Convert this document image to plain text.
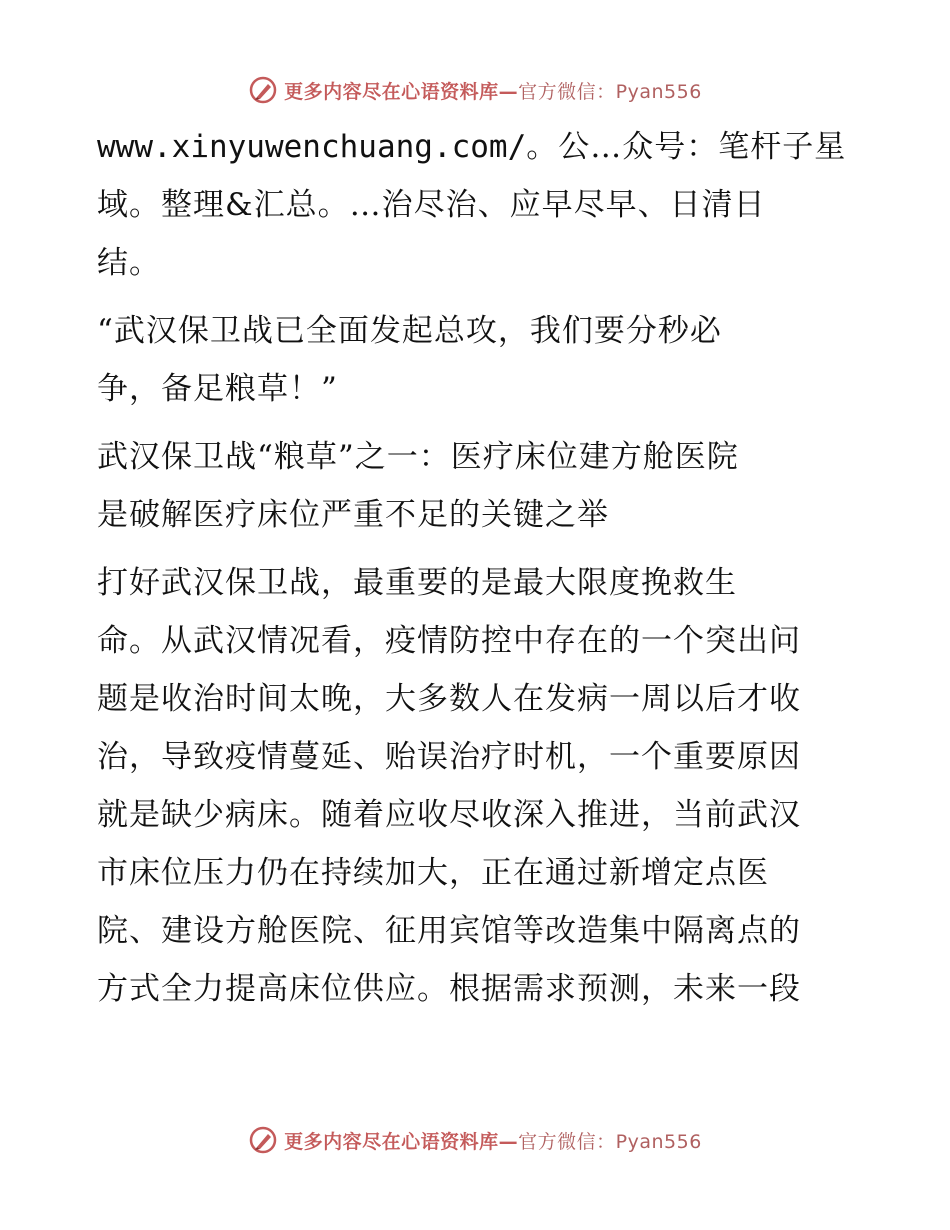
更多内容尽在心语资料库—官方微信：Pyan556

www.xinyuwenchuang.com/。公…众号：笔杆子星
域。整理&汇总。…治尽治、应早尽早、日清日
结。

“武汉保卫战已全面发起总攻，我们要分秒必
争，备足粮草！”

武汉保卫战“粮草”之一：医疗床位建方舱医院
是破解医疗床位严重不足的关键之举

打好武汉保卫战，最重要的是最大限度挽救生
命。从武汉情况看，疫情防控中存在的一个突出问
题是收治时间太晚，大多数人在发病一周以后才收
治，导致疫情蔓延、贻误治疗时机，一个重要原因
就是缺少病床。随着应收尽收深入推进，当前武汉
市床位压力仍在持续加大，正在通过新增定点医
院、建设方舱医院、征用宾馆等改造集中隔离点的
方式全力提高床位供应。根据需求预测，未来一段

更多内容尽在心语资料库—官方微信：Pyan556
